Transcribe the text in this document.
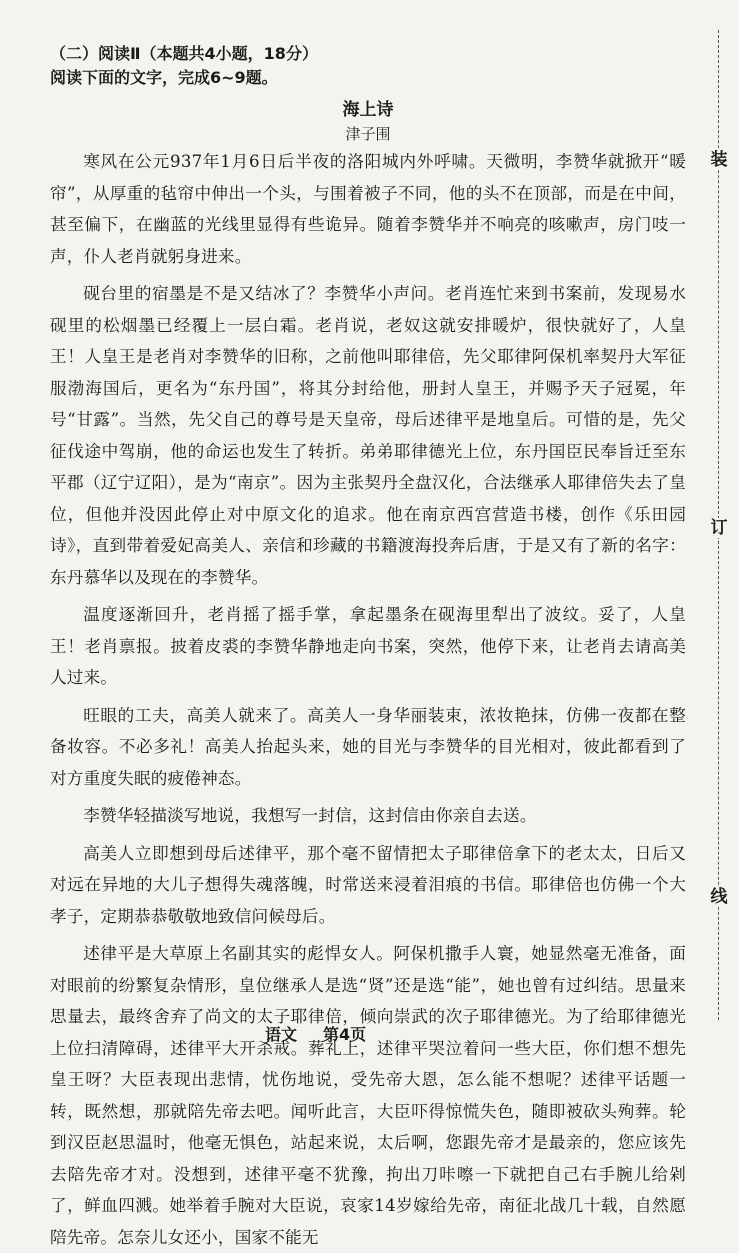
装
订
线
（二）阅读Ⅱ（本题共4小题，18分）
阅读下面的文字，完成6~9题。
海上诗
津子围

寒风在公元937年1月6日后半夜的洛阳城内外呼啸。天微明，李赞华就掀开“暖帘”，从厚重的毡帘中伸出一个头，与围着被子不同，他的头不在顶部，而是在中间，甚至偏下，在幽蓝的光线里显得有些诡异。随着李赞华并不响亮的咳嗽声，房门吱一声，仆人老肖就躬身进来。

砚台里的宿墨是不是又结冰了？李赞华小声问。老肖连忙来到书案前，发现易水砚里的松烟墨已经覆上一层白霜。老肖说，老奴这就安排暖炉，很快就好了，人皇王！人皇王是老肖对李赞华的旧称，之前他叫耶律倍，先父耶律阿保机率契丹大军征服渤海国后，更名为“东丹国”，将其分封给他，册封人皇王，并赐予天子冠冕，年号“甘露”。当然，先父自己的尊号是天皇帝，母后述律平是地皇后。可惜的是，先父征伐途中驾崩，他的命运也发生了转折。弟弟耶律德光上位，东丹国臣民奉旨迁至东平郡（辽宁辽阳），是为“南京”。因为主张契丹全盘汉化，合法继承人耶律倍失去了皇位，但他并没因此停止对中原文化的追求。他在南京西宫营造书楼，创作《乐田园诗》，直到带着爱妃高美人、亲信和珍藏的书籍渡海投奔后唐，于是又有了新的名字：东丹慕华以及现在的李赞华。

温度逐渐回升，老肖摇了摇手掌，拿起墨条在砚海里犁出了波纹。妥了，人皇王！老肖禀报。披着皮裘的李赞华静地走向书案，突然，他停下来，让老肖去请高美人过来。

旺眼的工夫，高美人就来了。高美人一身华丽装束，浓妆艳抹，仿佛一夜都在整备妆容。不必多礼！高美人抬起头来，她的目光与李赞华的目光相对，彼此都看到了对方重度失眠的疲倦神态。

李赞华轻描淡写地说，我想写一封信，这封信由你亲自去送。

高美人立即想到母后述律平，那个毫不留情把太子耶律倍拿下的老太太，日后又对远在异地的大儿子想得失魂落魄，时常送来浸着泪痕的书信。耶律倍也仿佛一个大孝子，定期恭恭敬敬地致信问候母后。

述律平是大草原上名副其实的彪悍女人。阿保机撒手人寰，她显然毫无准备，面对眼前的纷繁复杂情形，皇位继承人是选“贤”还是选“能”，她也曾有过纠结。思量来思量去，最终舍弃了尚文的太子耶律倍，倾向崇武的次子耶律德光。为了给耶律德光上位扫清障碍，述律平大开杀戒。葬礼上，述律平哭泣着问一些大臣，你们想不想先皇王呀？大臣表现出悲情，忧伤地说，受先帝大恩，怎么能不想呢？述律平话题一转，既然想，那就陪先帝去吧。闻听此言，大臣吓得惊慌失色，随即被砍头殉葬。轮到汉臣赵思温时，他毫无惧色，站起来说，太后啊，您跟先帝才是最亲的，您应该先去陪先帝才对。没想到，述律平毫不犹豫，拘出刀咔嚓一下就把自己右手腕儿给剁了，鲜血四溅。她举着手腕对大臣说，哀家14岁嫁给先帝，南征北战几十载，自然愿陪先帝。怎奈儿女还小，国家不能无

语文 第4页
